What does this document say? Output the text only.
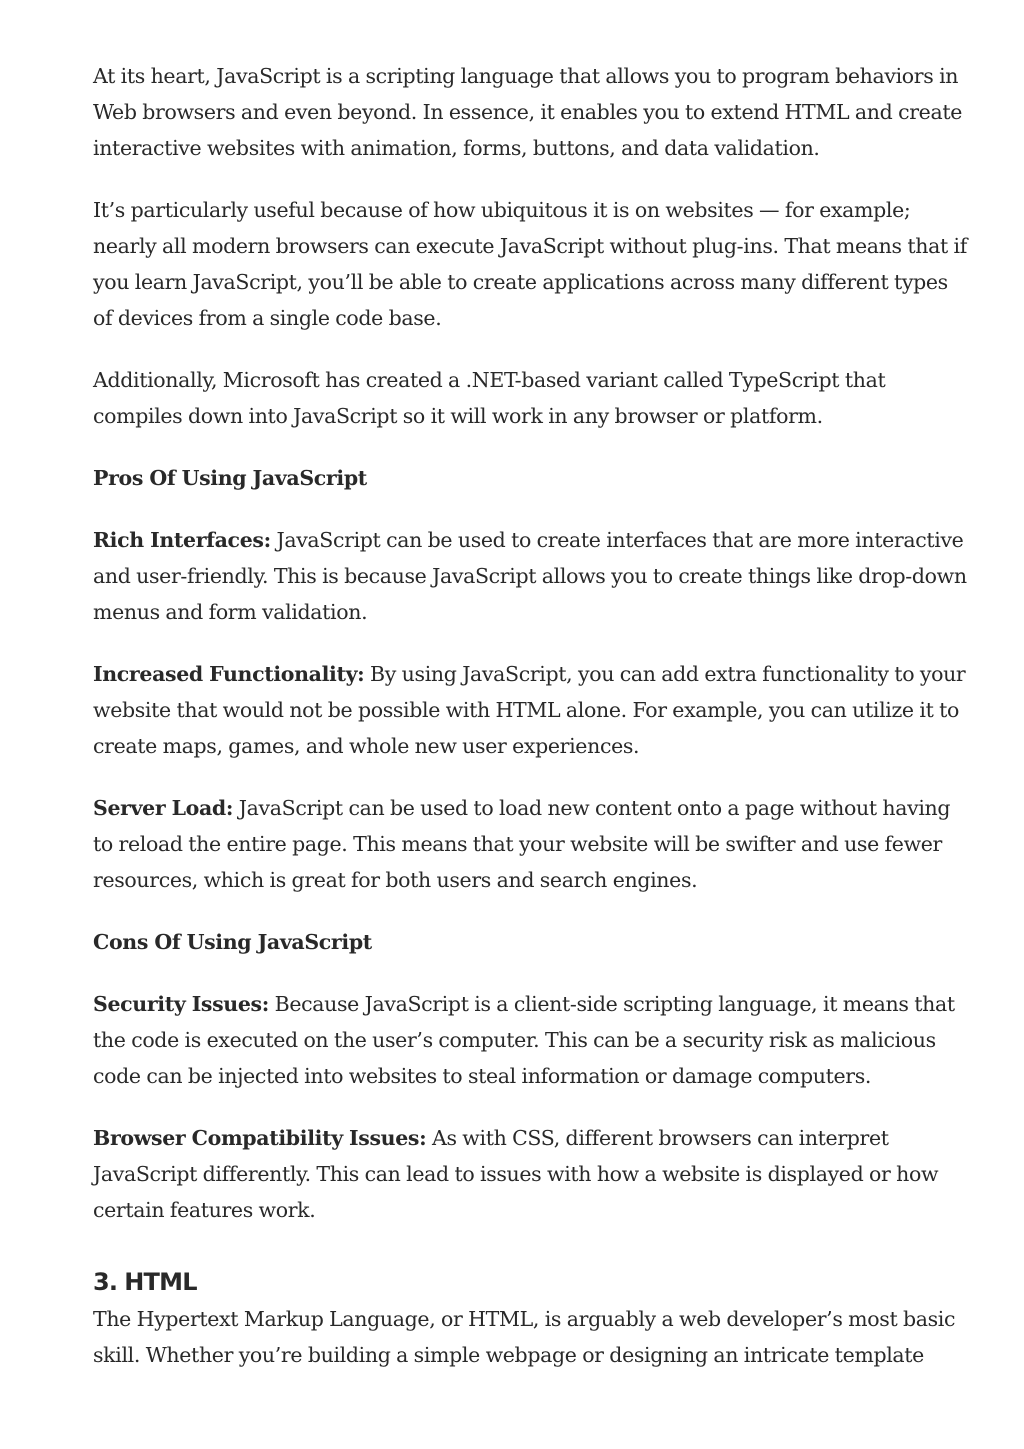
At its heart, JavaScript is a scripting language that allows you to program behaviors in Web browsers and even beyond. In essence, it enables you to extend HTML and create interactive websites with animation, forms, buttons, and data validation.

It’s particularly useful because of how ubiquitous it is on websites — for example; nearly all modern browsers can execute JavaScript without plug-ins. That means that if you learn JavaScript, you’ll be able to create applications across many different types of devices from a single code base.

Additionally, Microsoft has created a .NET-based variant called TypeScript that compiles down into JavaScript so it will work in any browser or platform.

Pros Of Using JavaScript

Rich Interfaces: JavaScript can be used to create interfaces that are more interactive and user-friendly. This is because JavaScript allows you to create things like drop-down menus and form validation.

Increased Functionality: By using JavaScript, you can add extra functionality to your website that would not be possible with HTML alone. For example, you can utilize it to create maps, games, and whole new user experiences.

Server Load: JavaScript can be used to load new content onto a page without having to reload the entire page. This means that your website will be swifter and use fewer resources, which is great for both users and search engines.

Cons Of Using JavaScript

Security Issues: Because JavaScript is a client-side scripting language, it means that the code is executed on the user’s computer. This can be a security risk as malicious code can be injected into websites to steal information or damage computers.

Browser Compatibility Issues: As with CSS, different browsers can interpret JavaScript differently. This can lead to issues with how a website is displayed or how certain features work.

3. HTML

The Hypertext Markup Language, or HTML, is arguably a web developer’s most basic skill. Whether you’re building a simple webpage or designing an intricate template
